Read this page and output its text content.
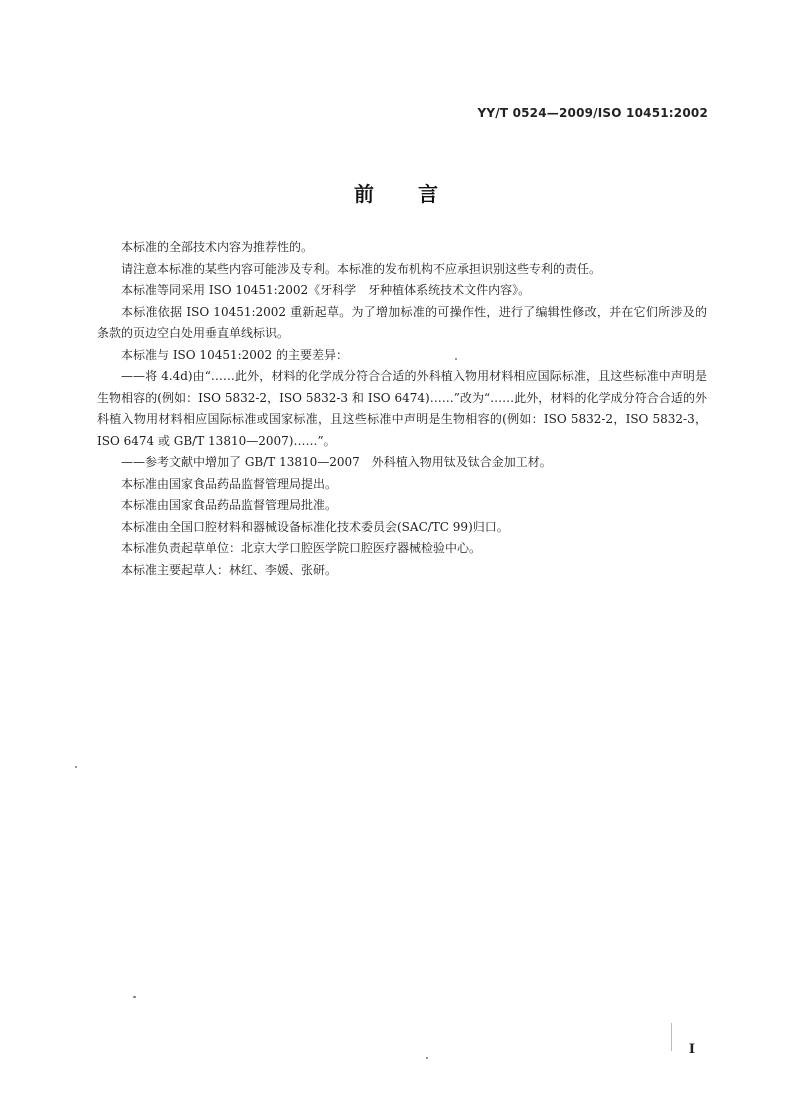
YY/T 0524—2009/ISO 10451:2002
前言

本标准的全部技术内容为推荐性的。

请注意本标准的某些内容可能涉及专利。本标准的发布机构不应承担识别这些专利的责任。

本标准等同采用 ISO 10451:2002《牙科学　牙种植体系统技术文件内容》。

本标准依据 ISO 10451:2002 重新起草。为了增加标准的可操作性，进行了编辑性修改，并在它们所涉及的条款的页边空白处用垂直单线标识。

本标准与 ISO 10451:2002 的主要差异：

——将 4.4d)由“……此外，材料的化学成分符合合适的外科植入物用材料相应国际标准，且这些标准中声明是生物相容的(例如：ISO 5832-2，ISO 5832-3 和 ISO 6474)……”改为“……此外，材料的化学成分符合合适的外科植入物用材料相应国际标准或国家标准，且这些标准中声明是生物相容的(例如：ISO 5832-2，ISO 5832-3，ISO 6474 或 GB/T 13810—2007)……”。

——参考文献中增加了 GB/T 13810—2007　外科植入物用钛及钛合金加工材。

本标准由国家食品药品监督管理局提出。

本标准由国家食品药品监督管理局批准。

本标准由全国口腔材料和器械设备标准化技术委员会(SAC/TC 99)归口。

本标准负责起草单位：北京大学口腔医学院口腔医疗器械检验中心。

本标准主要起草人：林红、李媛、张研。

I
